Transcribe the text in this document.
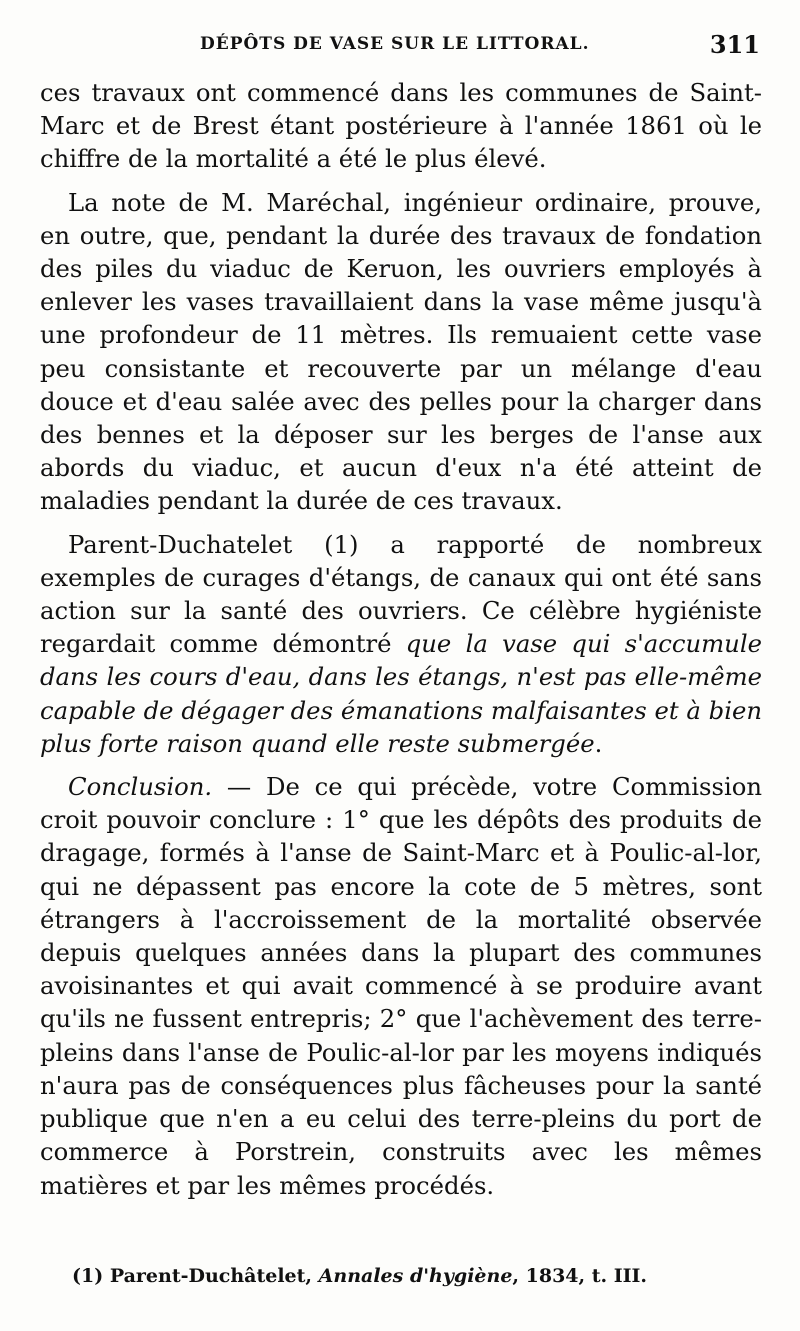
DÉPÔTS DE VASE SUR LE LITTORAL.	311

ces travaux ont commencé dans les communes de Saint-Marc et de Brest étant postérieure à l'année 1861 où le chiffre de la mortalité a été le plus élevé.

La note de M. Maréchal, ingénieur ordinaire, prouve, en outre, que, pendant la durée des travaux de fondation des piles du viaduc de Keruon, les ouvriers employés à enlever les vases travaillaient dans la vase même jusqu'à une profondeur de 11 mètres. Ils remuaient cette vase peu consistante et recouverte par un mélange d'eau douce et d'eau salée avec des pelles pour la charger dans des bennes et la déposer sur les berges de l'anse aux abords du viaduc, et aucun d'eux n'a été atteint de maladies pendant la durée de ces travaux.

Parent-Duchatelet (1) a rapporté de nombreux exemples de curages d'étangs, de canaux qui ont été sans action sur la santé des ouvriers. Ce célèbre hygiéniste regardait comme démontré que la vase qui s'accumule dans les cours d'eau, dans les étangs, n'est pas elle-même capable de dégager des émanations malfaisantes et à bien plus forte raison quand elle reste submergée.

Conclusion. — De ce qui précède, votre Commission croit pouvoir conclure : 1° que les dépôts des produits de dragage, formés à l'anse de Saint-Marc et à Poulic-al-lor, qui ne dépassent pas encore la cote de 5 mètres, sont étrangers à l'accroissement de la mortalité observée depuis quelques années dans la plupart des communes avoisinantes et qui avait commencé à se produire avant qu'ils ne fussent entrepris; 2° que l'achèvement des terre-pleins dans l'anse de Poulic-al-lor par les moyens indiqués n'aura pas de conséquences plus fâcheuses pour la santé publique que n'en a eu celui des terre-pleins du port de commerce à Porstrein, construits avec les mêmes matières et par les mêmes procédés.

(1) Parent-Duchâtelet, Annales d'hygiène, 1834, t. III.
